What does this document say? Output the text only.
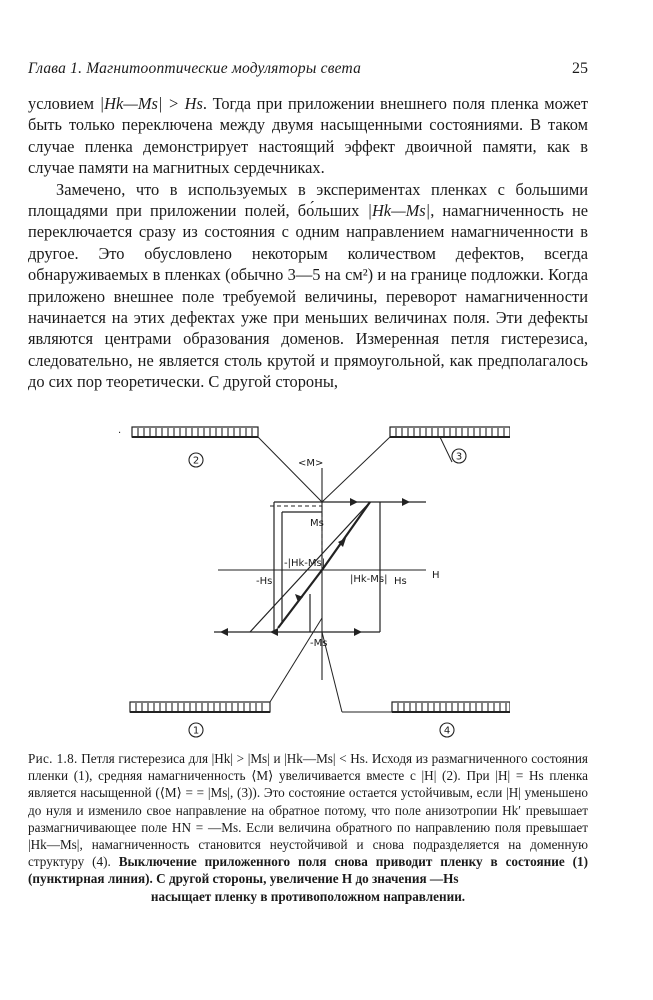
Глава 1. Магнитооптические модуляторы света	25

условием |Hk—Ms| > Hs. Тогда при приложении внешнего поля пленка может быть только переключена между двумя насыщенными состояниями. В таком случае пленка демонстрирует настоящий эффект двоичной памяти, как в случае памяти на магнитных сердечниках.

Замечено, что в используемых в экспериментах пленках с большими площадями при приложении полей, бо́льших |Hk—Ms|, намагниченность не переключается сразу из состояния с одним направлением намагниченности в другое. Это обусловлено некоторым количеством дефектов, всегда обнаруживаемых в пленках (обычно 3—5 на см²) и на границе подложки. Когда приложено внешнее поле требуемой величины, переворот намагниченности начинается на этих дефектах уже при меньших величинах поля. Эти дефекты являются центрами образования доменов. Измеренная петля гистерезиса, следовательно, не является столь крутой и прямоугольной, как предполагалось до сих пор теоретически. С другой стороны,

·
2	3
1	4
<M>
Ms
-Ms
-Hs	Hs
H
|Hk-Ms|
-|Hk-Ms|
Рис. 1.8. Петля гистерезиса для |Hk| > |Ms| и |Hk—Ms| < Hs. Исходя из размагниченного состояния пленки (1), средняя намагниченность ⟨M⟩ увеличивается вместе с |H| (2). При |H| = Hs пленка является насыщенной (⟨M⟩ = = |Ms|, (3)). Это состояние остается устойчивым, если |H| уменьшено до нуля и изменило свое направление на обратное потому, что поле анизотропии Hk′ превышает размагничивающее поле HN = —Ms. Если величина обратного по направлению поля превышает |Hk—Ms|, намагниченность становится неустойчивой и снова подразделяется на доменную структуру (4). Выключение приложенного поля снова приводит пленку в состояние (1) (пунктирная линия). С другой стороны, увеличение H до значения —Hs
насыщает пленку в противоположном направлении.
